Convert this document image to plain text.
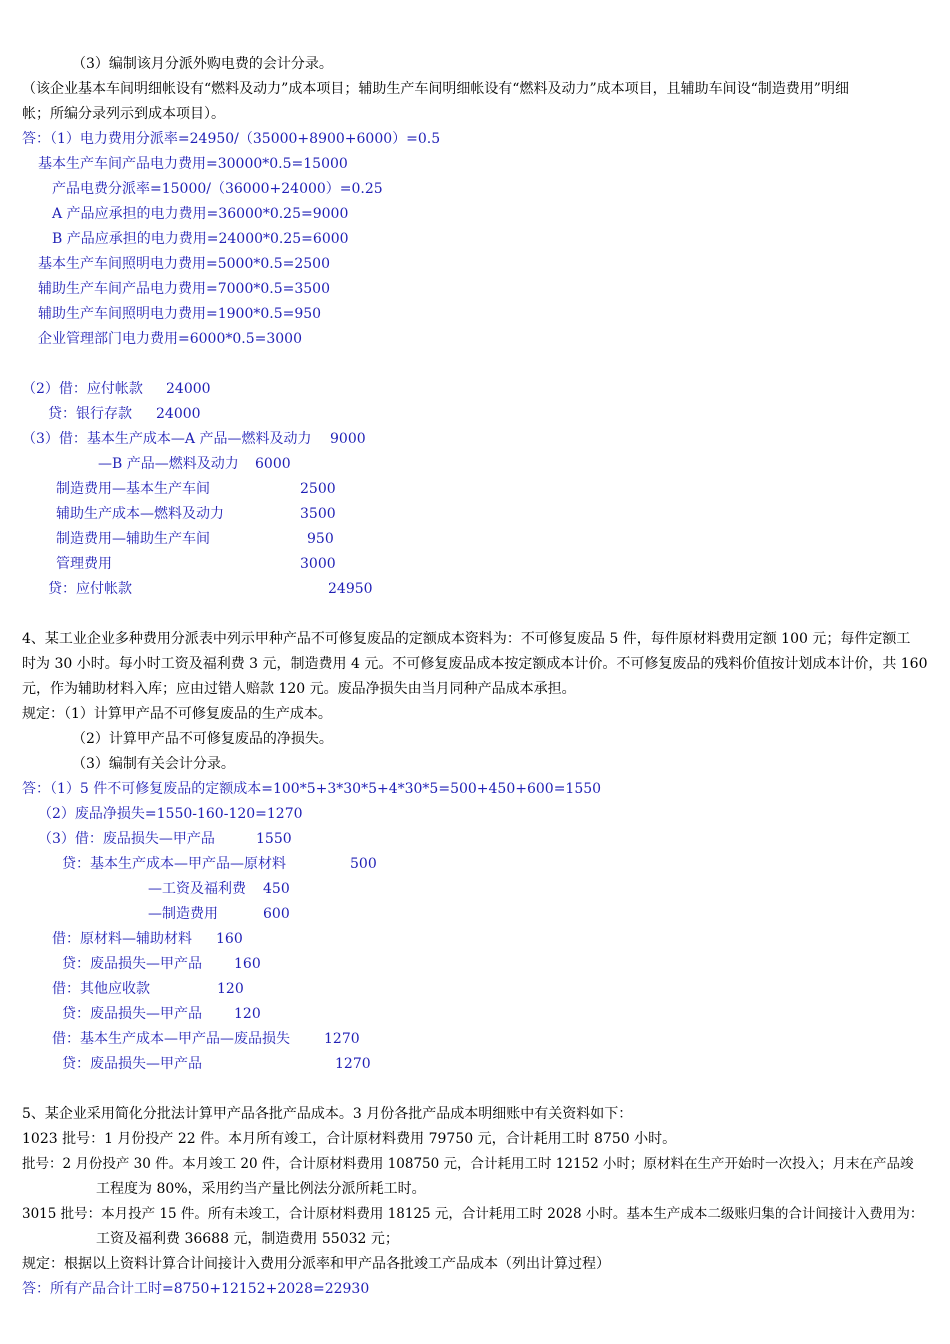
（3）编制该月分派外购电费的会计分录。
（该企业基本车间明细帐设有“燃料及动力”成本项目；辅助生产车间明细帐设有“燃料及动力”成本项目，且辅助车间设“制造费用”明细
帐；所编分录列示到成本项目）。
答：（1）电力费用分派率=24950/（35000+8900+6000）=0.5
基本生产车间产品电力费用=30000*0.5=15000
产品电费分派率=15000/（36000+24000）=0.25
A 产品应承担的电力费用=36000*0.25=9000
B 产品应承担的电力费用=24000*0.25=6000
基本生产车间照明电力费用=5000*0.5=2500
辅助生产车间产品电力费用=7000*0.5=3500
辅助生产车间照明电力费用=1900*0.5=950
企业管理部门电力费用=6000*0.5=3000
（2）借：应付帐款 24000
贷：银行存款 24000
（3）借：基本生产成本—A 产品—燃料及动力 9000
—B 产品—燃料及动力 6000
制造费用—基本生产车间	2500
辅助生产成本—燃料及动力	3500
制造费用—辅助生产车间	950
管理费用	3000
贷：应付帐款	24950
4、某工业企业多种费用分派表中列示甲种产品不可修复废品的定额成本资料为：不可修复废品 5 件，每件原材料费用定额 100 元；每件定额工
时为 30 小时。每小时工资及福利费 3 元，制造费用 4 元。不可修复废品成本按定额成本计价。不可修复废品的残料价值按计划成本计价，共 160
元，作为辅助材料入库；应由过错人赔款 120 元。废品净损失由当月同种产品成本承担。
规定：（1）计算甲产品不可修复废品的生产成本。
（2）计算甲产品不可修复废品的净损失。
（3）编制有关会计分录。
答：（1）5 件不可修复废品的定额成本=100*5+3*30*5+4*30*5=500+450+600=1550
（2）废品净损失=1550-160-120=1270
（3）借：废品损失—甲产品	1550
贷：基本生产成本—甲产品—原材料	500
—工资及福利费 450
—制造费用	600
借：原材料—辅助材料 160
贷：废品损失—甲产品 160
借：其他应收款	120
贷：废品损失—甲产品 120
借：基本生产成本—甲产品—废品损失 1270
贷：废品损失—甲产品	1270
5、某企业采用简化分批法计算甲产品各批产品成本。3 月份各批产品成本明细账中有关资料如下：
1023 批号：1 月份投产 22 件。本月所有竣工，合计原材料费用 79750 元，合计耗用工时 8750 小时。
批号：2 月份投产 30 件。本月竣工 20 件，合计原材料费用 108750 元，合计耗用工时 12152 小时；原材料在生产开始时一次投入；月末在产品竣
工程度为 80%，采用约当产量比例法分派所耗工时。
3015 批号：本月投产 15 件。所有未竣工，合计原材料费用 18125 元，合计耗用工时 2028 小时。基本生产成本二级账归集的合计间接计入费用为：
工资及福利费 36688 元，制造费用 55032 元；
规定：根据以上资料计算合计间接计入费用分派率和甲产品各批竣工产品成本（列出计算过程）
答：所有产品合计工时=8750+12152+2028=22930
